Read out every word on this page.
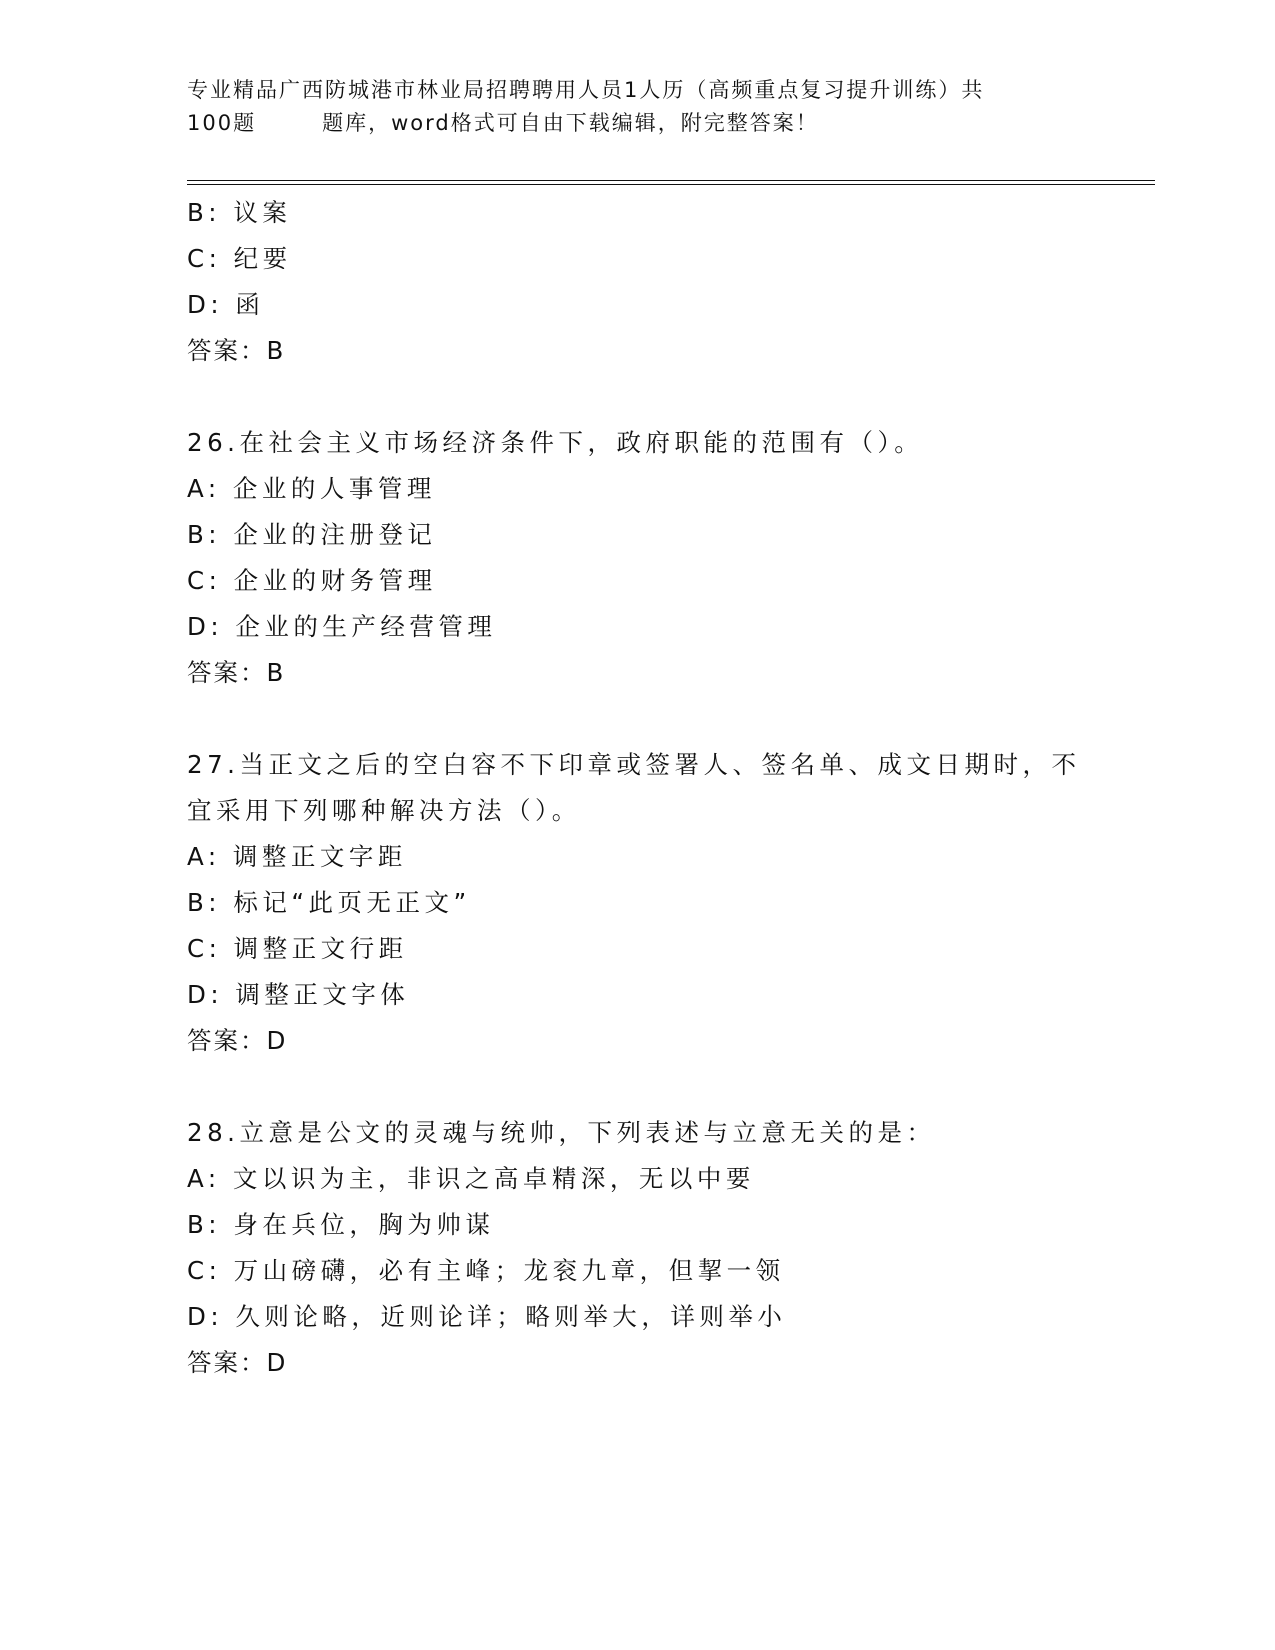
专业精品广西防城港市林业局招聘聘用人员1人历（高频重点复习提升训练）共
100题	题库，word格式可自由下载编辑，附完整答案！
B: 议案
C: 纪要
D: 函
答案：B
26.在社会主义市场经济条件下，政府职能的范围有（）。
A: 企业的人事管理
B: 企业的注册登记
C: 企业的财务管理
D: 企业的生产经营管理
答案：B
27.当正文之后的空白容不下印章或签署人、签名单、成文日期时，不
宜采用下列哪种解决方法（）。
A: 调整正文字距
B: 标记“此页无正文”
C: 调整正文行距
D: 调整正文字体
答案：D
28.立意是公文的灵魂与统帅，下列表述与立意无关的是：
A: 文以识为主，非识之高卓精深，无以中要
B: 身在兵位，胸为帅谋
C: 万山磅礴，必有主峰；龙衮九章，但挈一领
D: 久则论略，近则论详；略则举大，详则举小
答案：D
